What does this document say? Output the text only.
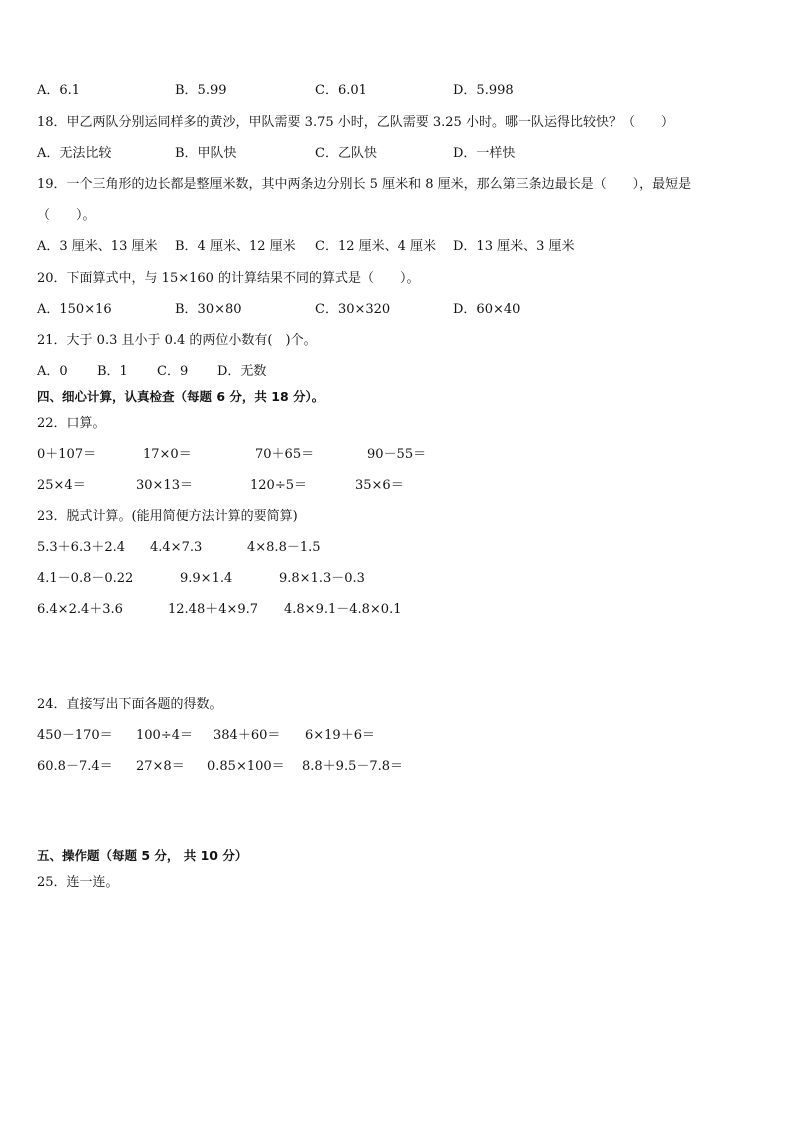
A．6.1	B．5.99	C．6.01	D．5.998
18．甲乙两队分别运同样多的黄沙，甲队需要 3.75 小时，乙队需要 3.25 小时。哪一队运得比较快？（　　）
A．无法比较	B．甲队快	C．乙队快	D．一样快
19．一个三角形的边长都是整厘米数，其中两条边分别长 5 厘米和 8 厘米，那么第三条边最长是（　　），最短是
（　　）。
A．3 厘米、13 厘米 B．4 厘米、12 厘米 C．12 厘米、4 厘米 D．13 厘米、3 厘米
20．下面算式中，与 15×160 的计算结果不同的算式是（　　）。
A．150×16	B．30×80	C．30×320	D．60×40
21．大于 0.3 且小于 0.4 的两位小数有(　)个。
A．0 B．1 C．9 D．无数
四、细心计算，认真检查（每题 6 分，共 18 分）。
22．口算。
0＋107＝	17×0＝	70＋65＝	90－55＝
25×4＝	30×13＝	120÷5＝	35×6＝
23．脱式计算。(能用简便方法计算的要简算)
5.3＋6.3＋2.4 4.4×7.3	4×8.8－1.5
4.1－0.8－0.22	9.9×1.4	9.8×1.3－0.3
6.4×2.4＋3.6	12.48＋4×9.7 4.8×9.1－4.8×0.1
24．直接写出下面各题的得数。
450－170＝ 100÷4＝ 384＋60＝ 6×19＋6＝
60.8－7.4＝ 27×8＝ 0.85×100＝ 8.8＋9.5－7.8＝
五、操作题（每题 5 分， 共 10 分）
25．连一连。
